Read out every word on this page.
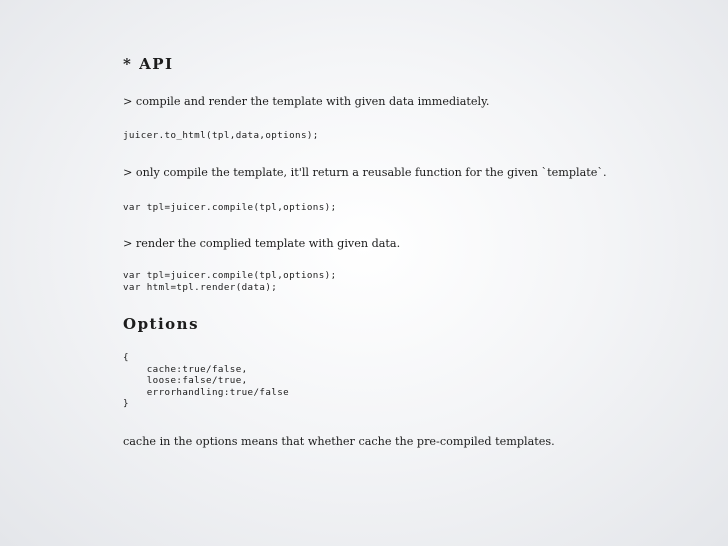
* API

> compile and render the template with given data immediately.

juicer.to_html(tpl,data,options);

> only compile the template, it'll return a reusable function for the given `template`.

var tpl=juicer.compile(tpl,options);

> render the complied template with given data.

var tpl=juicer.compile(tpl,options);
var html=tpl.render(data);
Options
{
cache:true/false,
loose:false/true,
errorhandling:true/false
}

cache in the options means that whether cache the pre-compiled templates.
